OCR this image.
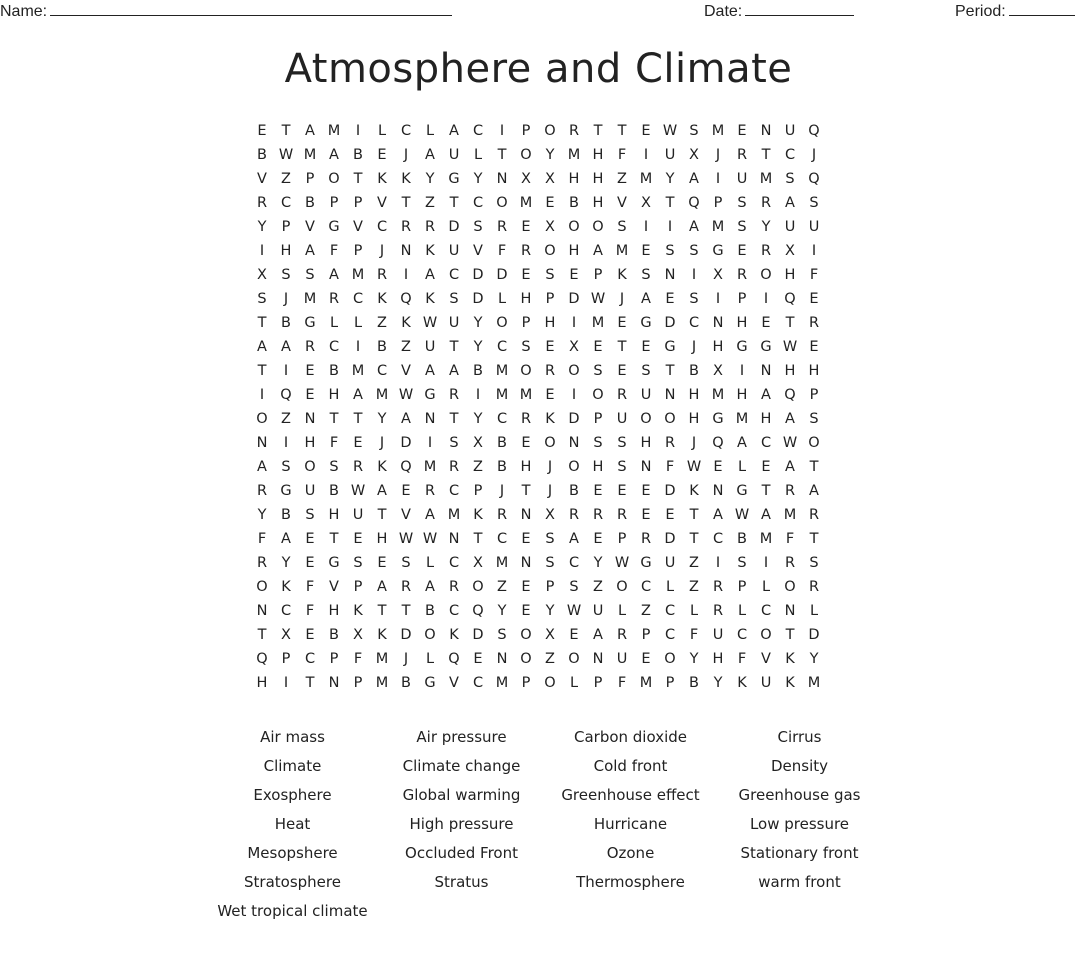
Name:	Date:	Period:
Atmosphere and Climate
E	T	A M	I	L	C	L	A C	I	P O R	T	T	E W S M E N U Q
B W M A B E	J	A U	L	T O Y M H F	I	U X	J	R	T	C	J
V Z	P O T	K K	Y G Y N X X H H Z M Y	A	I	U M S Q
R C B	P	P	V	T	Z	T	C O M E B H V X	T Q P	S R A S
Y	P	V G V C R R D S R E X O O S	I	I	A M S	Y U U
I	H A	F	P	J	N K U V	F	R O H A M E	S	S G E R X	I
X S	S A M R	I	A C D D E	S	E	P	K	S N	I	X R O H F
S	J	M R C K Q K	S D L	H P D W	J	A E	S	I	P	I	Q E
T	B G L	L	Z K W U Y O P H	I	M E G D C N H E	T	R
A A R C	I	B Z U T	Y	C S	E X E	T	E G	J	H G G W E
T	I	E B M C V A A B M O R O S	E	S	T	B X	I	N H H
I	Q E H A M W G R	I	M M E	I	O R U N H M H A Q P
O Z N T	T	Y	A N T	Y	C R K D P U O O H G M H A S
N	I	H F	E	J	D	I	S X B E O N S	S H R	J	Q A C W O
A S O S R K Q M R Z B H	J	O H S N F W E	L	E A	T
R G U B W A E R C	P	J	T	J	B E	E	E D K N G T	R A
Y	B S H U T	V A M K R N X R R R E	E	T	A W A M R
F	A E	T	E H W W N T	C E	S A E	P	R D T	C B M F	T
R	Y	E G S	E	S	L	C X M N S C	Y W G U Z	I	S	I	R S
O K	F	V	P	A R A R O Z E	P	S Z O C	L	Z R	P	L O R
N C	F H K	T	T	B C Q Y	E	Y W U	L	Z C	L	R	L	C N	L
T	X E B X K D O K D S O X E A R	P	C	F	U C O T D
Q P	C	P	F M	J	L Q E N O Z O N U E O Y H F	V K	Y
H	I	T N P M B G V C M P O L	P	F M P	B	Y	K U K M
Air mass	Air pressure	Carbon dioxide	Cirrus
Climate	Climate change	Cold front	Density
Exosphere	Global warming	Greenhouse effect	Greenhouse gas
Heat	High pressure	Hurricane	Low pressure
Mesopshere	Occluded Front	Ozone	Stationary front
Stratosphere	Stratus	Thermosphere	warm front
Wet tropical climate
